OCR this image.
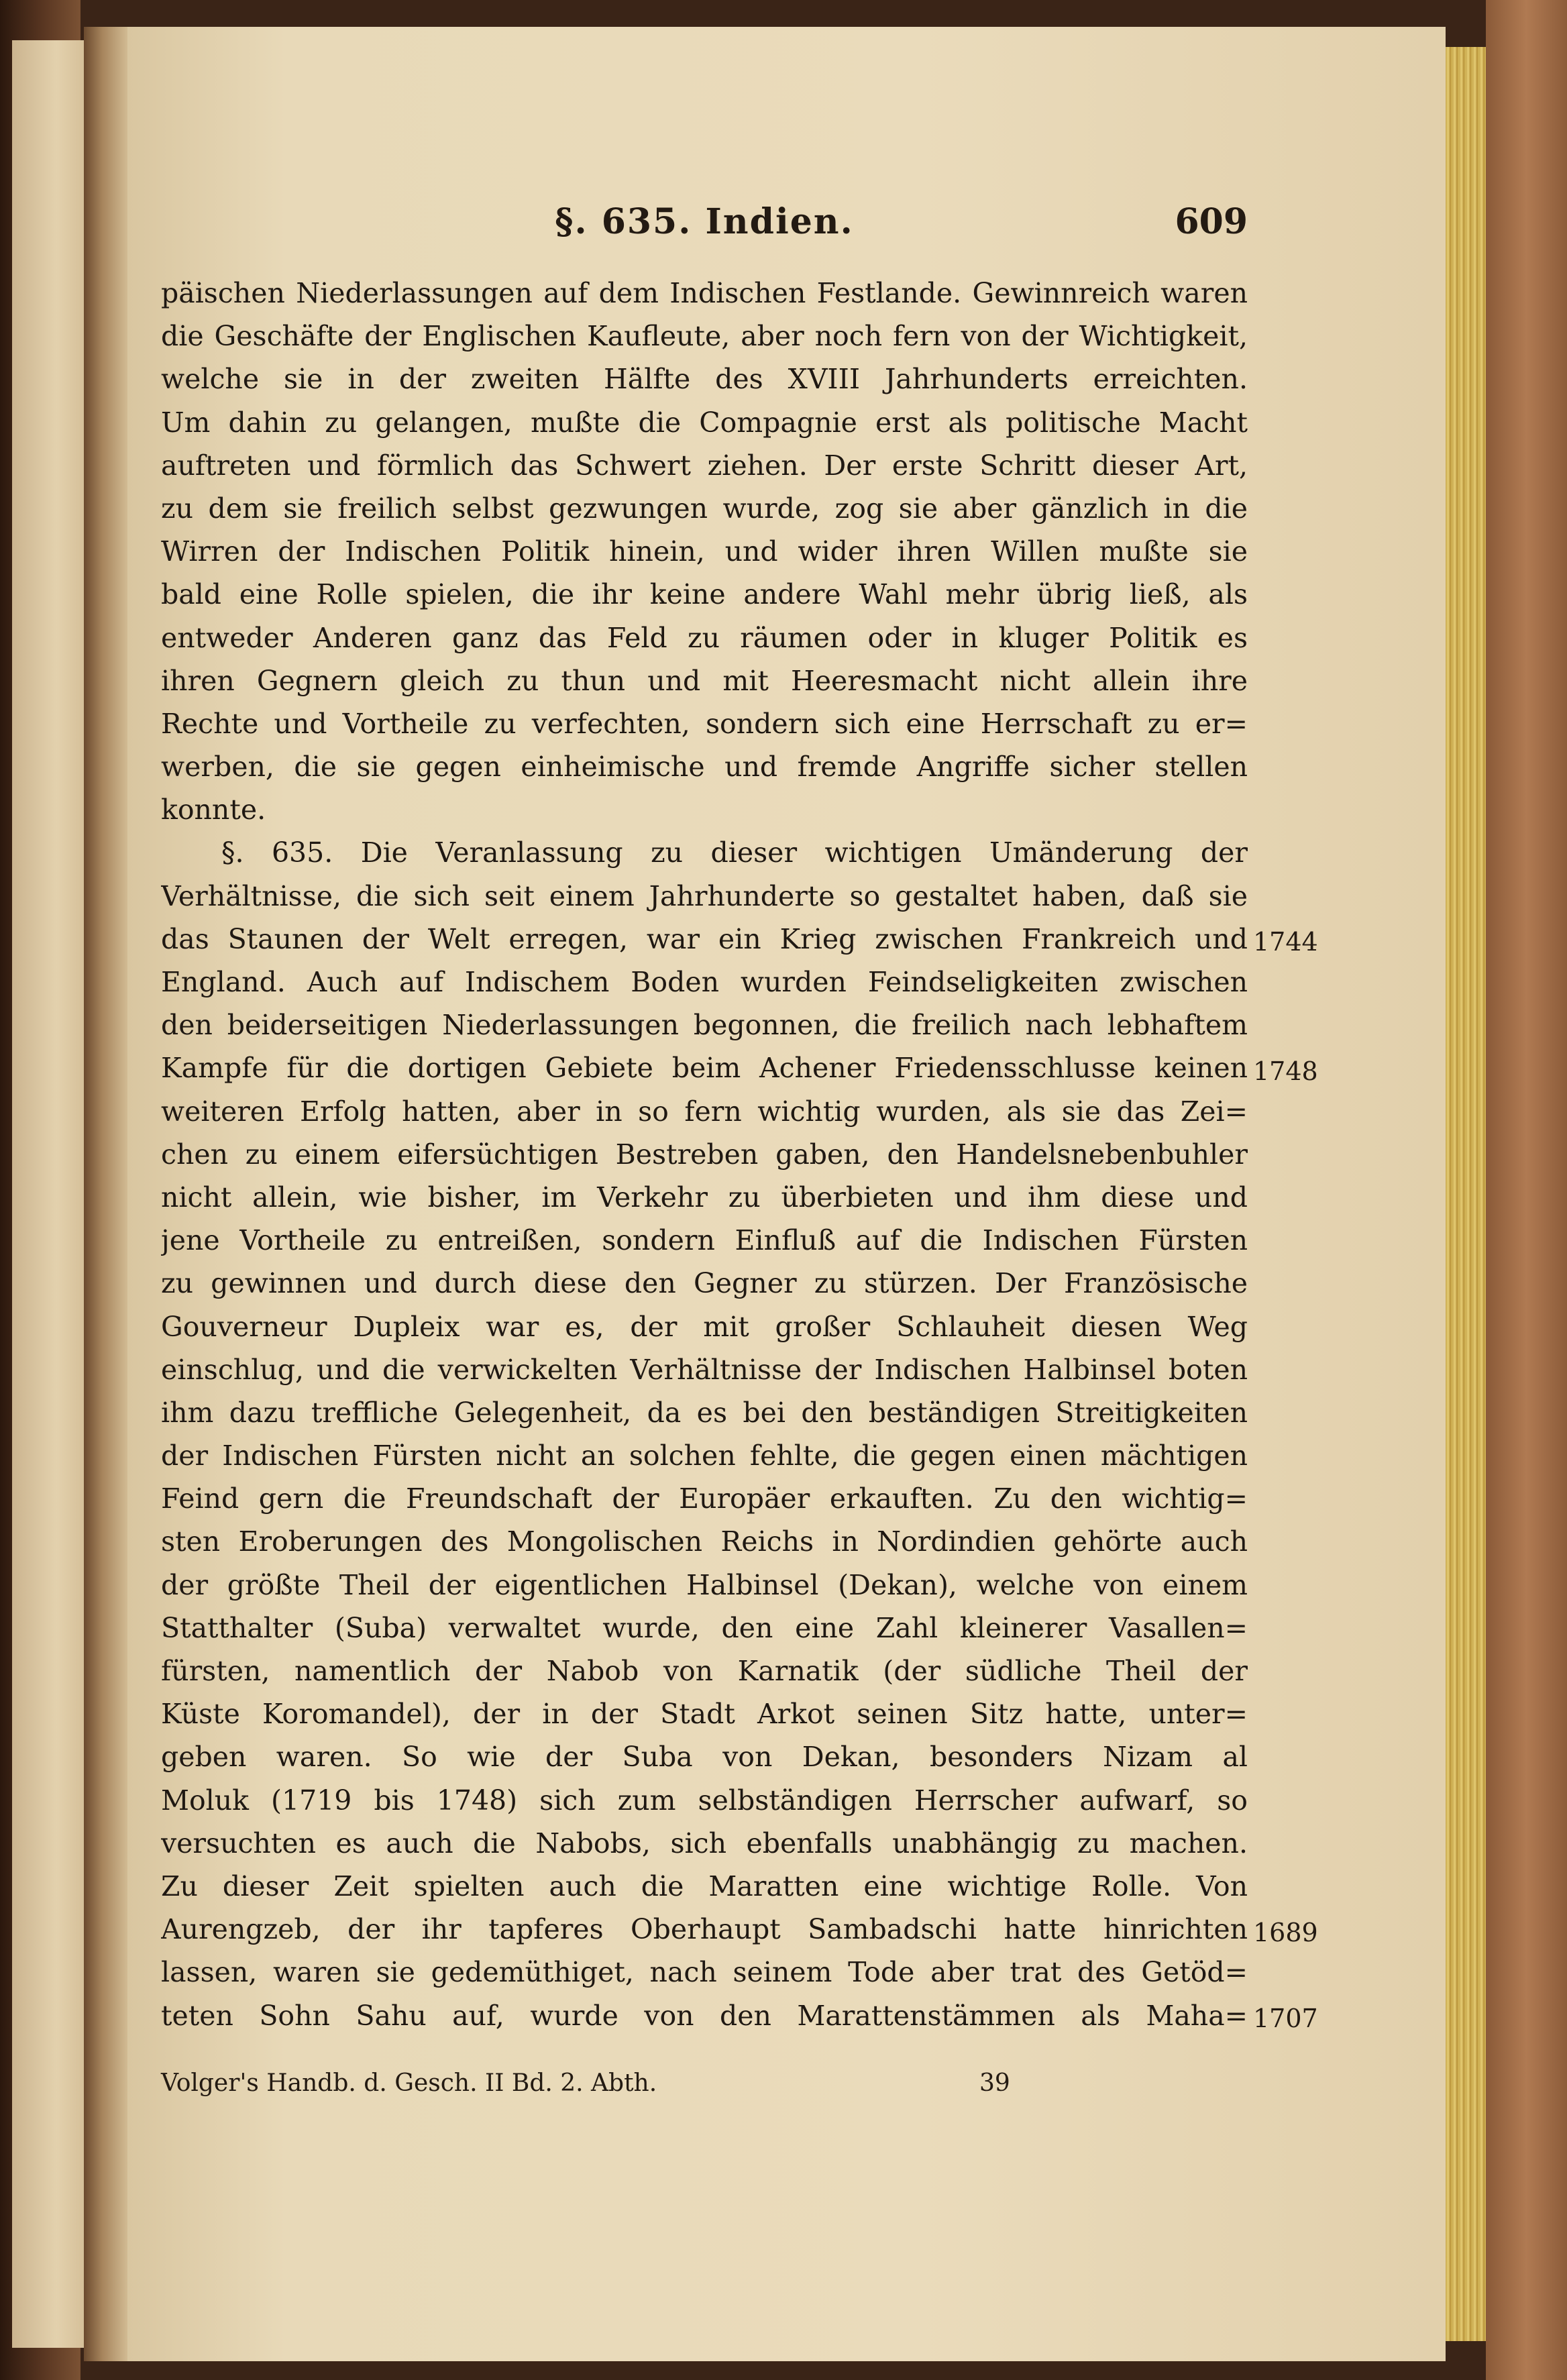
§. 635. Indien.	609
päischen Niederlassungen auf dem Indischen Festlande. Gewinnreich waren
die Geschäfte der Englischen Kaufleute, aber noch fern von der Wichtigkeit,
welche sie in der zweiten Hälfte des XVIII Jahrhunderts erreichten.
Um dahin zu gelangen, mußte die Compagnie erst als politische Macht
auftreten und förmlich das Schwert ziehen. Der erste Schritt dieser Art,
zu dem sie freilich selbst gezwungen wurde, zog sie aber gänzlich in die
Wirren der Indischen Politik hinein, und wider ihren Willen mußte sie
bald eine Rolle spielen, die ihr keine andere Wahl mehr übrig ließ, als
entweder Anderen ganz das Feld zu räumen oder in kluger Politik es
ihren Gegnern gleich zu thun und mit Heeresmacht nicht allein ihre
Rechte und Vortheile zu verfechten, sondern sich eine Herrschaft zu er=
werben, die sie gegen einheimische und fremde Angriffe sicher stellen
konnte.
§. 635. Die Veranlassung zu dieser wichtigen Umänderung der
Verhältnisse, die sich seit einem Jahrhunderte so gestaltet haben, daß sie
das Staunen der Welt erregen, war ein Krieg zwischen Frankreich und
England. Auch auf Indischem Boden wurden Feindseligkeiten zwischen
den beiderseitigen Niederlassungen begonnen, die freilich nach lebhaftem
Kampfe für die dortigen Gebiete beim Achener Friedensschlusse keinen
weiteren Erfolg hatten, aber in so fern wichtig wurden, als sie das Zei=
chen zu einem eifersüchtigen Bestreben gaben, den Handelsnebenbuhler
nicht allein, wie bisher, im Verkehr zu überbieten und ihm diese und
jene Vortheile zu entreißen, sondern Einfluß auf die Indischen Fürsten
zu gewinnen und durch diese den Gegner zu stürzen. Der Französische
Gouverneur Dupleix war es, der mit großer Schlauheit diesen Weg
einschlug, und die verwickelten Verhältnisse der Indischen Halbinsel boten
ihm dazu treffliche Gelegenheit, da es bei den beständigen Streitigkeiten
der Indischen Fürsten nicht an solchen fehlte, die gegen einen mächtigen
Feind gern die Freundschaft der Europäer erkauften. Zu den wichtig=
sten Eroberungen des Mongolischen Reichs in Nordindien gehörte auch
der größte Theil der eigentlichen Halbinsel (Dekan), welche von einem
Statthalter (Suba) verwaltet wurde, den eine Zahl kleinerer Vasallen=
fürsten, namentlich der Nabob von Karnatik (der südliche Theil der
Küste Koromandel), der in der Stadt Arkot seinen Sitz hatte, unter=
geben waren. So wie der Suba von Dekan, besonders Nizam al
Moluk (1719 bis 1748) sich zum selbständigen Herrscher aufwarf, so
versuchten es auch die Nabobs, sich ebenfalls unabhängig zu machen.
Zu dieser Zeit spielten auch die Maratten eine wichtige Rolle. Von
Aurengzeb, der ihr tapferes Oberhaupt Sambadschi hatte hinrichten
lassen, waren sie gedemüthiget, nach seinem Tode aber trat des Getöd=
teten Sohn Sahu auf, wurde von den Marattenstämmen als Maha=
1744
1748
1689
1707
Volger's Handb. d. Gesch. II Bd. 2. Abth.	39
